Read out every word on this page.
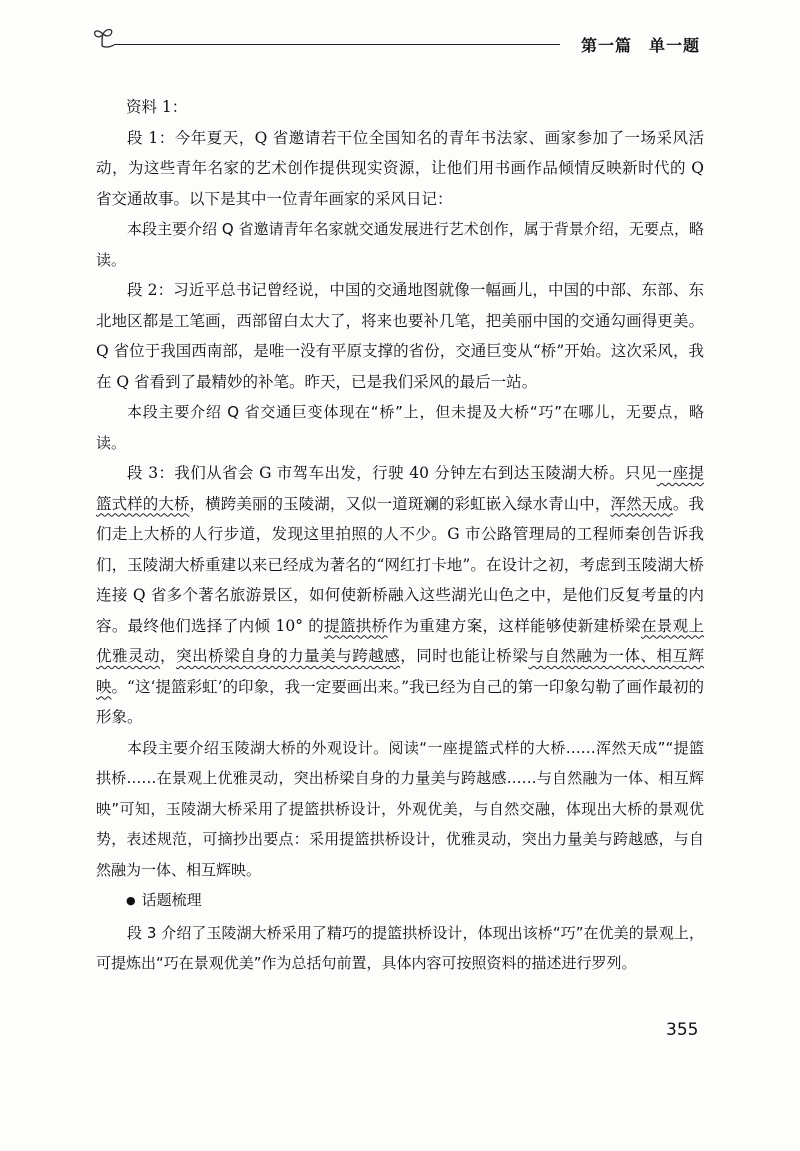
第一篇　单一题

资料 1：

段 1：今年夏天，Q 省邀请若干位全国知名的青年书法家、画家参加了一场采风活动，为这些青年名家的艺术创作提供现实资源，让他们用书画作品倾情反映新时代的 Q 省交通故事。以下是其中一位青年画家的采风日记：

本段主要介绍 Q 省邀请青年名家就交通发展进行艺术创作，属于背景介绍，无要点，略读。

段 2：习近平总书记曾经说，中国的交通地图就像一幅画儿，中国的中部、东部、东北地区都是工笔画，西部留白太大了，将来也要补几笔，把美丽中国的交通勾画得更美。Q 省位于我国西南部，是唯一没有平原支撑的省份，交通巨变从“桥”开始。这次采风，我在 Q 省看到了最精妙的补笔。昨天，已是我们采风的最后一站。

本段主要介绍 Q 省交通巨变体现在“桥”上，但未提及大桥“巧”在哪儿，无要点，略读。

段 3：我们从省会 G 市驾车出发，行驶 40 分钟左右到达玉陵湖大桥。只见一座提篮式样的大桥，横跨美丽的玉陵湖，又似一道斑斓的彩虹嵌入绿水青山中，浑然天成。我们走上大桥的人行步道，发现这里拍照的人不少。G 市公路管理局的工程师秦创告诉我们，玉陵湖大桥重建以来已经成为著名的“网红打卡地”。在设计之初，考虑到玉陵湖大桥连接 Q 省多个著名旅游景区，如何使新桥融入这些湖光山色之中，是他们反复考量的内容。最终他们选择了内倾 10° 的提篮拱桥作为重建方案，这样能够使新建桥梁在景观上优雅灵动，突出桥梁自身的力量美与跨越感，同时也能让桥梁与自然融为一体、相互辉映。“这‘提篮彩虹’的印象，我一定要画出来。”我已经为自己的第一印象勾勒了画作最初的形象。

本段主要介绍玉陵湖大桥的外观设计。阅读“一座提篮式样的大桥……浑然天成”“提篮拱桥……在景观上优雅灵动，突出桥梁自身的力量美与跨越感……与自然融为一体、相互辉映”可知，玉陵湖大桥采用了提篮拱桥设计，外观优美，与自然交融，体现出大桥的景观优势，表述规范，可摘抄出要点：采用提篮拱桥设计，优雅灵动，突出力量美与跨越感，与自然融为一体、相互辉映。

● 话题梳理

段 3 介绍了玉陵湖大桥采用了精巧的提篮拱桥设计，体现出该桥“巧”在优美的景观上，可提炼出“巧在景观优美”作为总括句前置，具体内容可按照资料的描述进行罗列。

355
